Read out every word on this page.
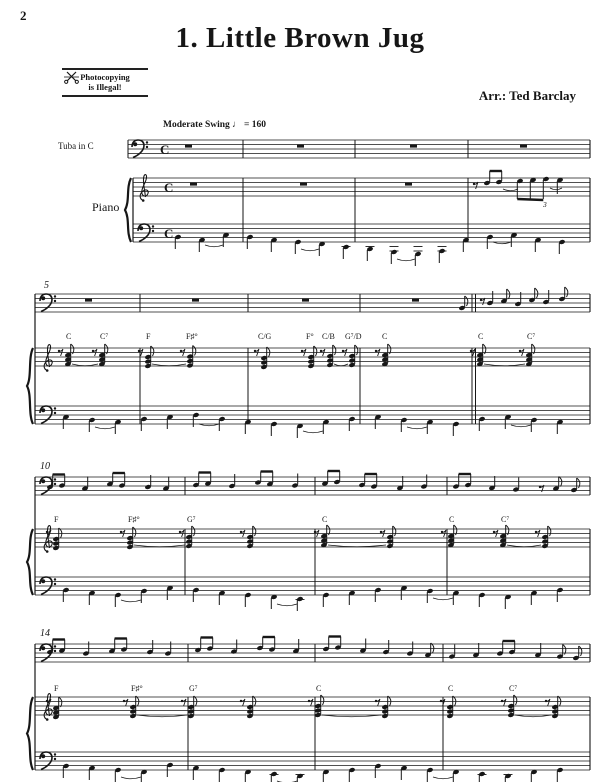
2
1. Little Brown Jug
Photocopying
is Illegal!
Arr.: Ted Barclay
Moderate Swing ♩ = 160
Tuba in C
Piano
C
C
C
3
5
10
14
C	C⁷	F	F♯°	C/G	F° C/B G⁷/D	C	C	C⁷
F	F♯°	G⁷	C	C	C⁷
F	F♯°	G⁷	C	C	C⁷
